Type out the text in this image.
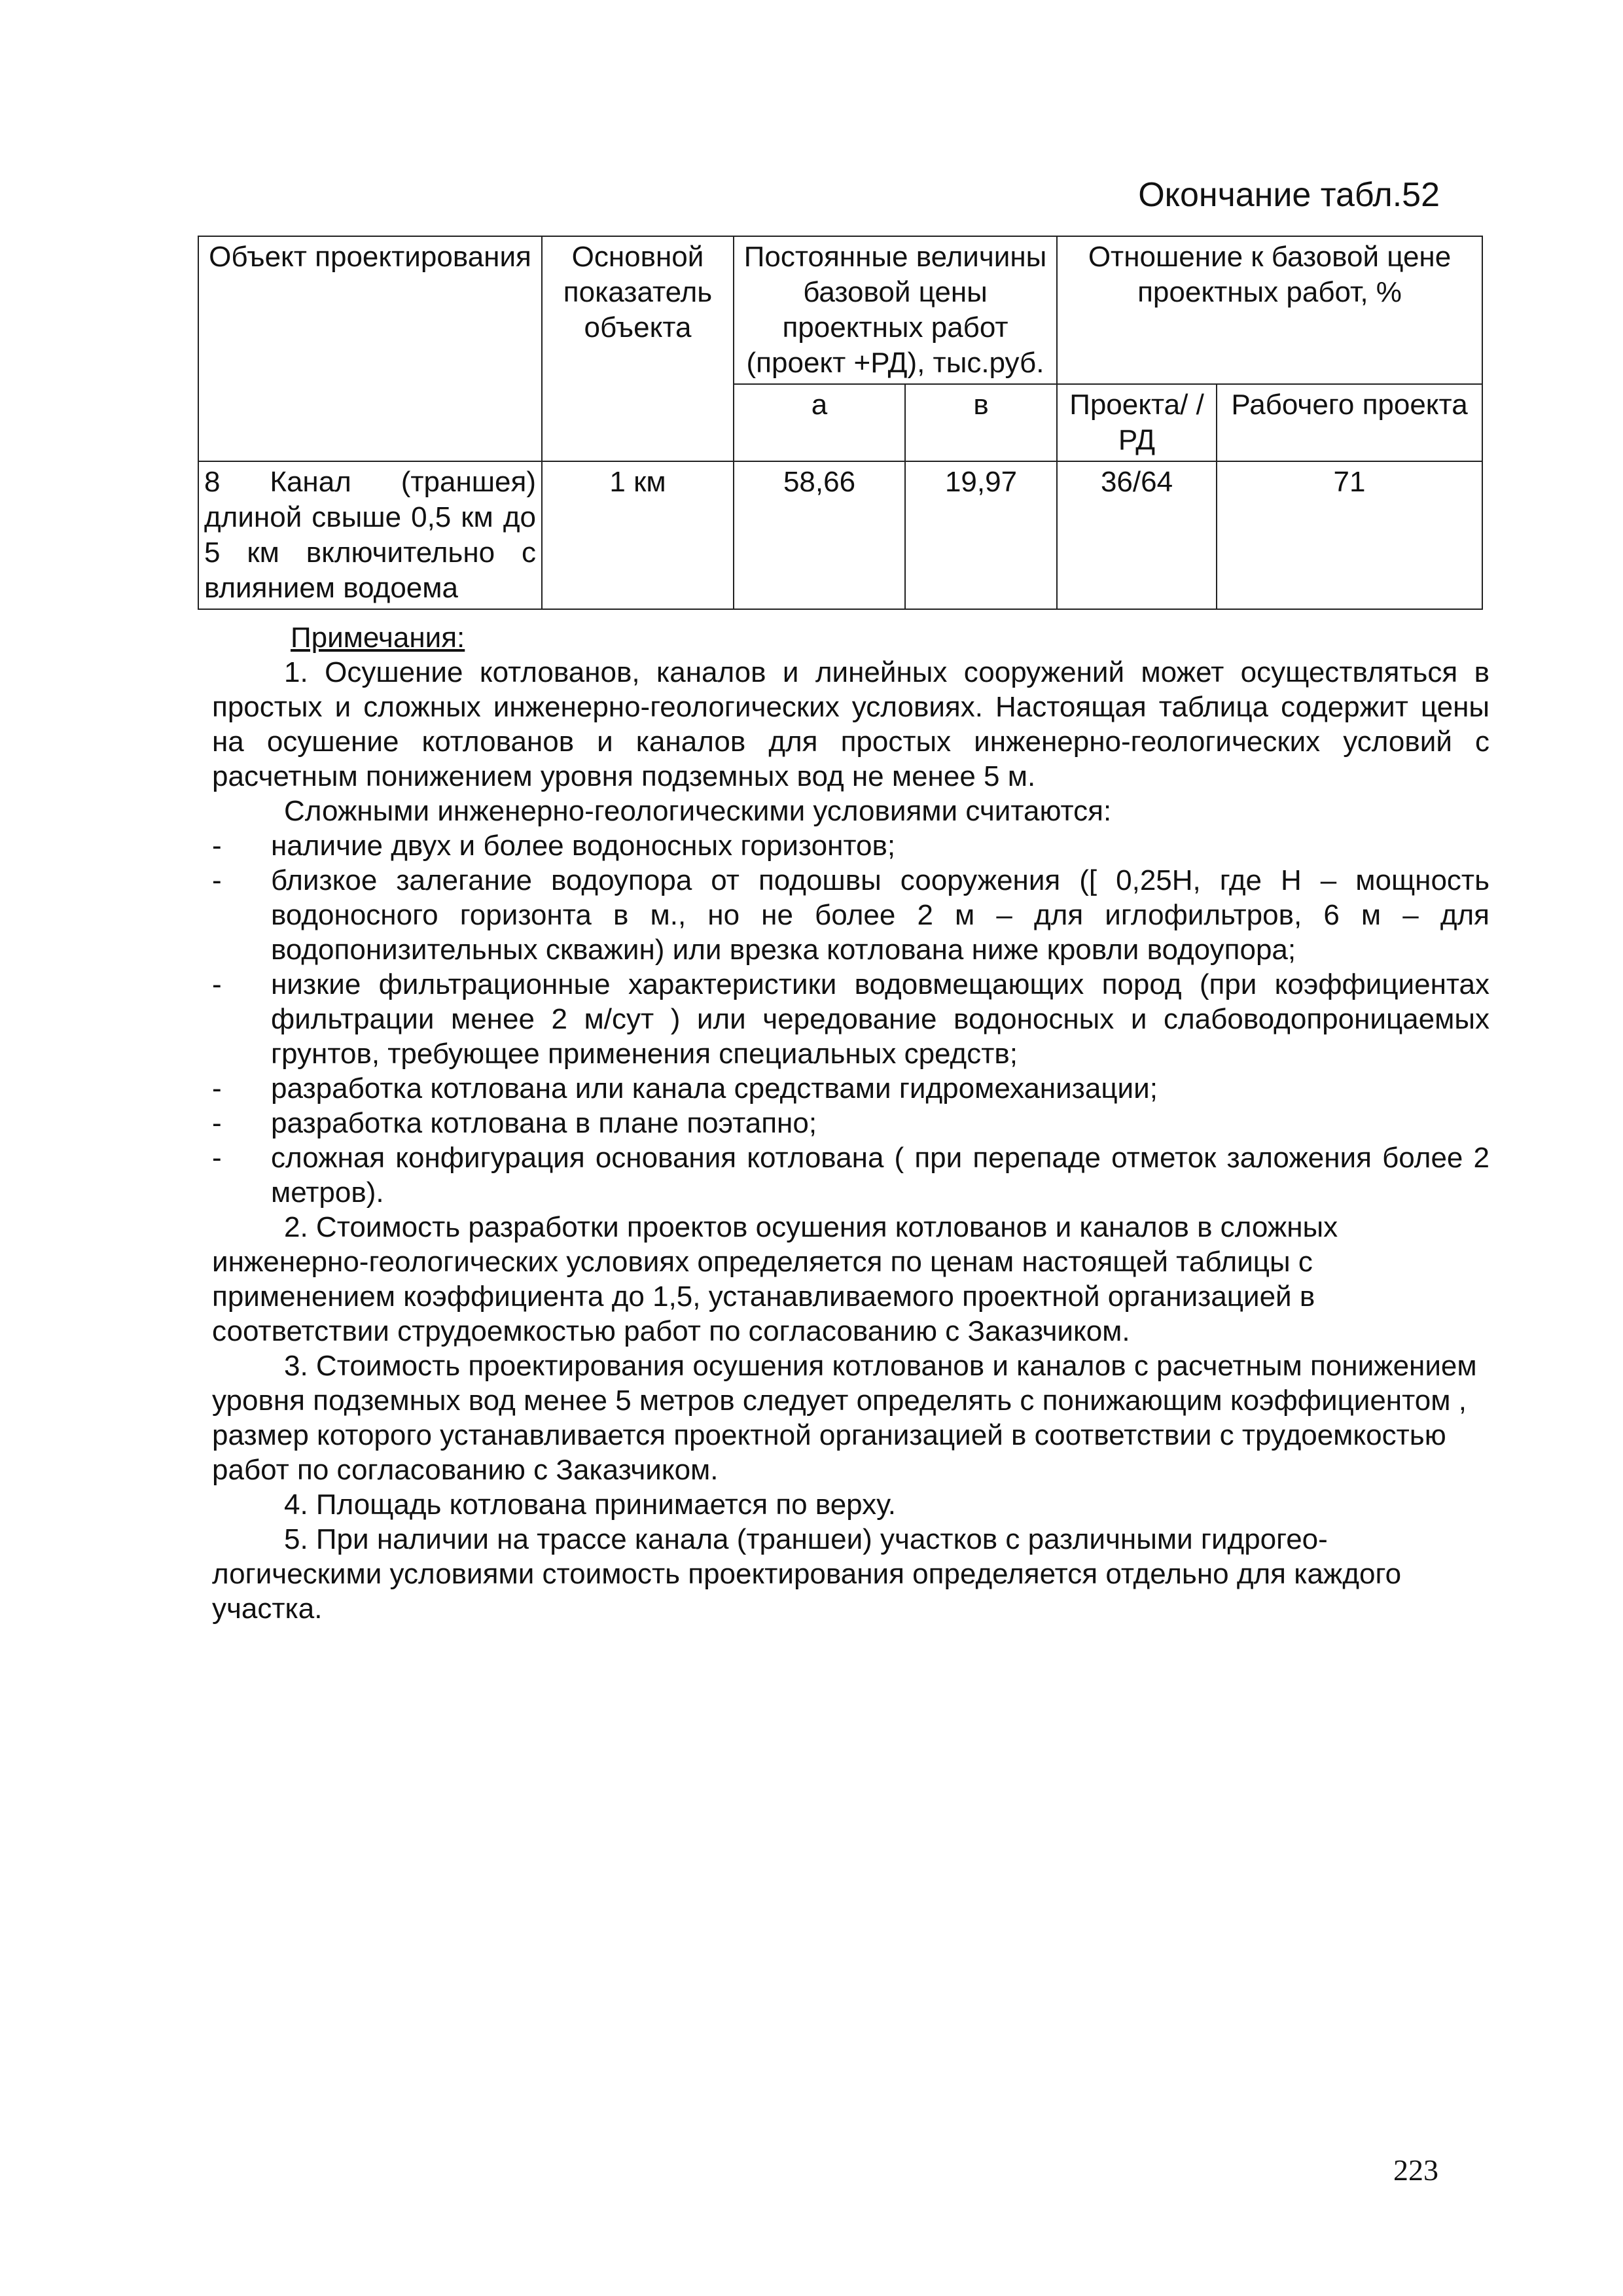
Окончание табл.52
Объект проектирования	Основной показатель объекта	Постоянные величины базовой цены проектных работ (проект +РД), тыс.руб.		Отношение к базовой цене проектных работ, %	
		а	в	Проекта/ /РД	Рабочего проекта
8 Канал (траншея) длиной свыше 0,5 км до 5 км включительно с влиянием водоема	1 км	58,66	19,97	36/64	71

Примечания:

1. Осушение котлованов, каналов и линейных сооружений может осуществляться в простых и сложных инженерно-геологических условиях. Настоящая таблица содержит цены на осушение котлованов и каналов для простых инженерно-геологических условий с расчетным понижением уровня подземных вод не менее 5 м.

Сложными инженерно-геологическими условиями считаются:

- наличие двух и более водоносных горизонтов;

- близкое залегание водоупора от подошвы сооружения ([ 0,25Н, где Н – мощность водоносного горизонта в м., но не более 2 м – для иглофильтров, 6 м – для водопонизительных скважин) или врезка котлована ниже кровли водоупора;

- низкие фильтрационные характеристики водовмещающих пород (при коэффициентах фильтрации менее 2 м/сут ) или чередование водоносных и слабоводопроницаемых грунтов, требующее применения специальных средств;

- разработка котлована или канала средствами гидромеханизации;

- разработка котлована в плане поэтапно;

- сложная конфигурация основания котлована ( при перепаде отметок заложения более 2 метров).

2. Стоимость разработки проектов осушения котлованов и каналов в сложных инженерно-геологических условиях определяется по ценам настоящей таблицы с применением коэффициента до 1,5, устанавливаемого проектной организацией в соответствии струдоемкостью работ по согласованию с Заказчиком.

3. Стоимость проектирования осушения котлованов и каналов с расчетным понижением уровня подземных вод менее 5 метров следует определять с понижающим коэффициентом , размер которого устанавливается проектной организацией в соответствии с трудоемкостью работ по согласованию с Заказчиком.

4. Площадь котлована принимается по верху.

5. При наличии на трассе канала (траншеи) участков с различными гидрогео-логическими условиями стоимость проектирования определяется отдельно для каждого участка.

223
